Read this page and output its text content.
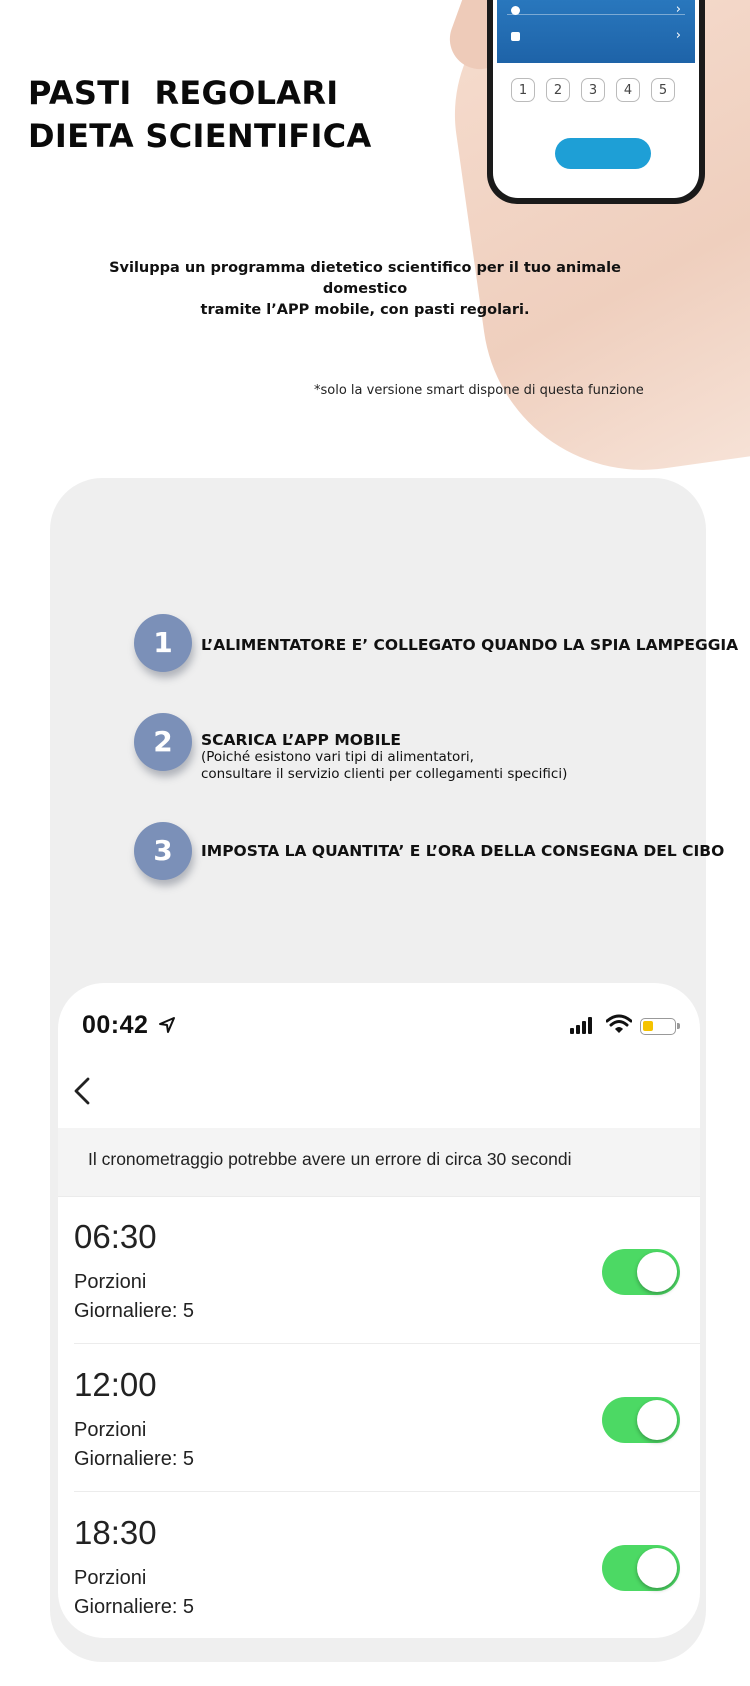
›
›
1	2	3	4	5
PASTI  REGOLARI
DIETA SCIENTIFICA

Sviluppa un programma dietetico scientifico per il tuo animale domestico
tramite l’APP mobile, con pasti regolari.

*solo la versione smart dispone di questa funzione
1	L’ALIMENTATORE E’ COLLEGATO QUANDO LA SPIA LAMPEGGIA
2	SCARICA L’APP MOBILE
(Poiché esistono vari tipi di alimentatori,
consultare il servizio clienti per collegamenti specifici)
3	IMPOSTA LA QUANTITA’ E L’ORA DELLA CONSEGNA DEL CIBO
00:42
Il cronometraggio potrebbe avere un errore di circa 30 secondi
06:30
Porzioni
Giornaliere: 5
12:00
Porzioni
Giornaliere: 5
18:30
Porzioni
Giornaliere: 5
